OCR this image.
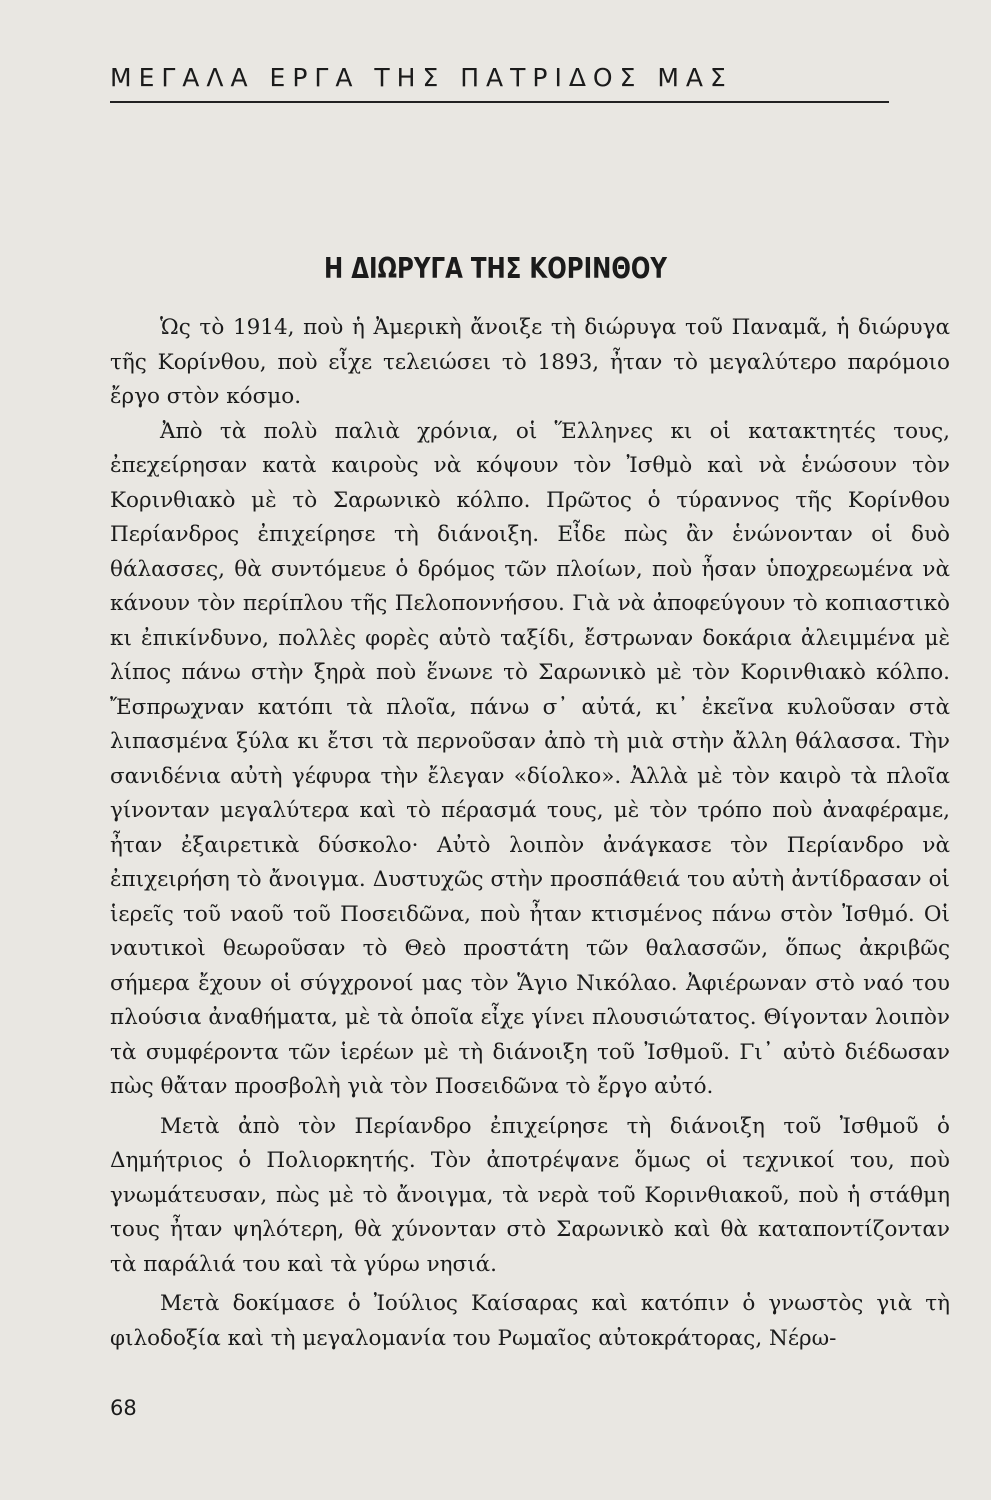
ΜΕΓΑΛΑ ΕΡΓΑ ΤΗΣ ΠΑΤΡΙΔΟΣ ΜΑΣ
Η ΔΙΩΡΥΓΑ ΤΗΣ ΚΟΡΙΝΘΟΥ

Ὡς τὸ 1914, ποὺ ἡ Ἀμερικὴ ἄνοιξε τὴ διώρυγα τοῦ Παναμᾶ, ἡ διώρυγα τῆς Κορίνθου, ποὺ εἶχε τελειώσει τὸ 1893, ἦταν τὸ μεγαλύτερο παρόμοιο ἔργο στὸν κόσμο.

Ἀπὸ τὰ πολὺ παλιὰ χρόνια, οἱ Ἕλληνες κι οἱ κατακτητές τους, ἐπεχείρησαν κατὰ καιροὺς νὰ κόψουν τὸν Ἰσθμὸ καὶ νὰ ἑνώσουν τὸν Κορινθιακὸ μὲ τὸ Σαρωνικὸ κόλπο. Πρῶτος ὁ τύραννος τῆς Κορίνθου Περίανδρος ἐπιχείρησε τὴ διάνοιξη. Εἶδε πὼς ἂν ἑνώνονταν οἱ δυὸ θάλασσες, θὰ συντόμευε ὁ δρόμος τῶν πλοίων, ποὺ ἦσαν ὑποχρεωμένα νὰ κάνουν τὸν περίπλου τῆς Πελοποννήσου. Γιὰ νὰ ἀποφεύγουν τὸ κοπιαστικὸ κι ἐπικίνδυνο, πολλὲς φορὲς αὐτὸ ταξίδι, ἔστρωναν δοκάρια ἀλειμμένα μὲ λίπος πάνω στὴν ξηρὰ ποὺ ἕνωνε τὸ Σαρωνικὸ μὲ τὸν Κορινθιακὸ κόλπο. Ἔσπρωχναν κατόπι τὰ πλοῖα, πάνω σ᾿ αὐτά, κι᾿ ἐκεῖνα κυλοῦσαν στὰ λιπασμένα ξύλα κι ἔτσι τὰ περνοῦσαν ἀπὸ τὴ μιὰ στὴν ἄλλη θάλασσα. Τὴν σανιδένια αὐτὴ γέφυρα τὴν ἔλεγαν «δίολκο». Ἀλλὰ μὲ τὸν καιρὸ τὰ πλοῖα γίνονταν μεγαλύτερα καὶ τὸ πέρασμά τους, μὲ τὸν τρόπο ποὺ ἀναφέραμε, ἦταν ἐξαιρετικὰ δύσκολο· Αὐτὸ λοιπὸν ἀνάγκασε τὸν Περίανδρο νὰ ἐπιχειρήση τὸ ἄνοιγμα. Δυστυχῶς στὴν προσπάθειά του αὐτὴ ἀντίδρασαν οἱ ἱερεῖς τοῦ ναοῦ τοῦ Ποσειδῶνα, ποὺ ἦταν κτισμένος πάνω στὸν Ἰσθμό. Οἱ ναυτικοὶ θεωροῦσαν τὸ Θεὸ προστάτη τῶν θαλασσῶν, ὅπως ἀκριβῶς σήμερα ἔχουν οἱ σύγχρονοί μας τὸν Ἅγιο Νικόλαο. Ἀφιέρωναν στὸ ναό του πλούσια ἀναθήματα, μὲ τὰ ὁποῖα εἶχε γίνει πλουσιώτατος. Θίγονταν λοιπὸν τὰ συμφέροντα τῶν ἱερέων μὲ τὴ διάνοιξη τοῦ Ἰσθμοῦ. Γι᾿ αὐτὸ διέδωσαν πὼς θἄταν προσβολὴ γιὰ τὸν Ποσειδῶνα τὸ ἔργο αὐτό.

Μετὰ ἀπὸ τὸν Περίανδρο ἐπιχείρησε τὴ διάνοιξη τοῦ Ἰσθμοῦ ὁ Δημήτριος ὁ Πολιορκητής. Τὸν ἀποτρέψανε ὅμως οἱ τεχνικοί του, ποὺ γνωμάτευσαν, πὼς μὲ τὸ ἄνοιγμα, τὰ νερὰ τοῦ Κορινθιακοῦ, ποὺ ἡ στάθμη τους ἦταν ψηλότερη, θὰ χύνονταν στὸ Σαρωνικὸ καὶ θὰ καταποντίζονταν τὰ παράλιά του καὶ τὰ γύρω νησιά.

Μετὰ δοκίμασε ὁ Ἰούλιος Καίσαρας καὶ κατόπιν ὁ γνωστὸς γιὰ τὴ φιλοδοξία καὶ τὴ μεγαλομανία του Ρωμαῖος αὐτοκράτορας, Νέρω-

68
